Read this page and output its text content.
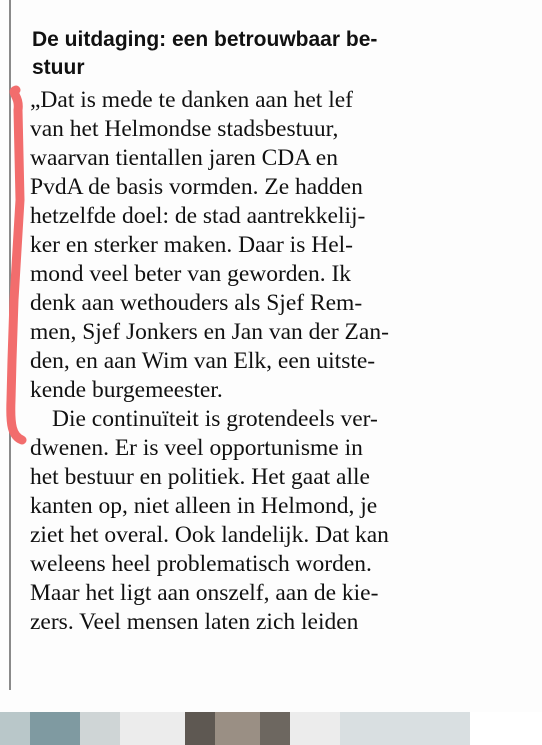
De uitdaging: een betrouwbaar be-
stuur
„Dat is mede te danken aan het lef
van het Helmondse stadsbestuur,
waarvan tientallen jaren CDA en
PvdA de basis vormden. Ze hadden
hetzelfde doel: de stad aantrekkelij-
ker en sterker maken. Daar is Hel-
mond veel beter van geworden. Ik
denk aan wethouders als Sjef Rem-
men, Sjef Jonkers en Jan van der Zan-
den, en aan Wim van Elk, een uitste-
kende burgemeester.
Die continuïteit is grotendeels ver-
dwenen. Er is veel opportunisme in
het bestuur en politiek. Het gaat alle
kanten op, niet alleen in Helmond, je
ziet het overal. Ook landelijk. Dat kan
weleens heel problematisch worden.
Maar het ligt aan onszelf, aan de kie-
zers. Veel mensen laten zich leiden
